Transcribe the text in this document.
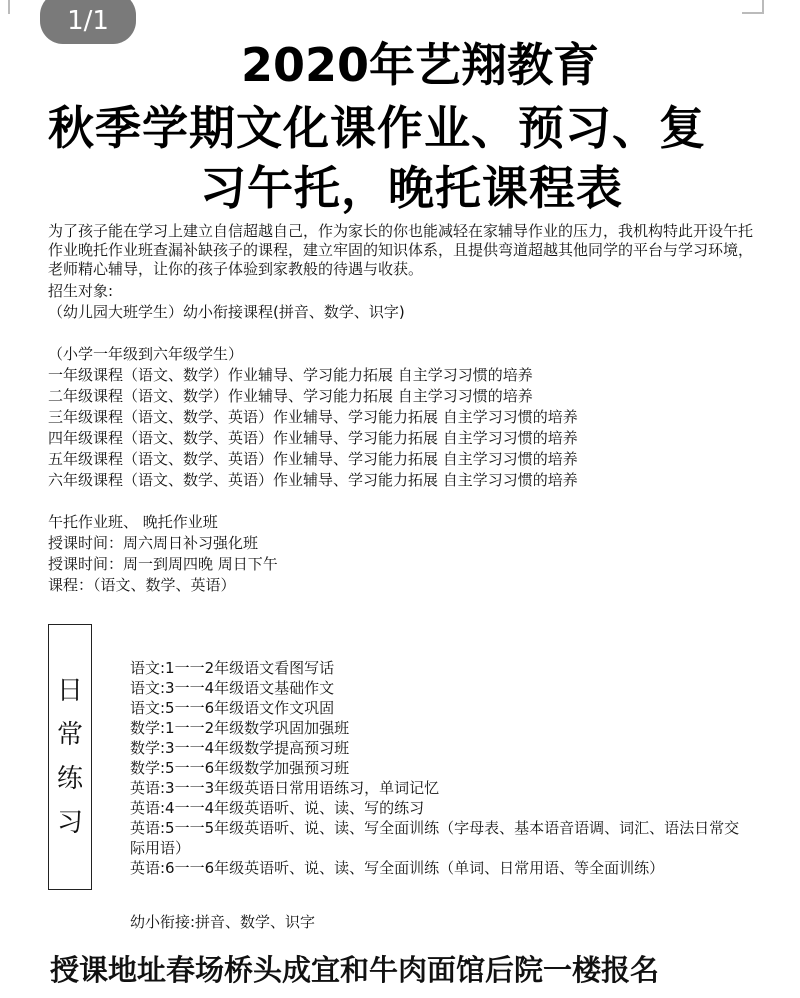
1/1
2020年艺翔教育
秋季学期文化课作业、预习、复
习午托，晚托课程表
为了孩子能在学习上建立自信超越自己，作为家长的你也能减轻在家辅导作业的压力，我机构特此开设午托作业晚托作业班查漏补缺孩子的课程，建立牢固的知识体系，且提供弯道超越其他同学的平台与学习环境，老师精心辅导，让你的孩子体验到家教般的待遇与收获。
招生对象:
（幼儿园大班学生）幼小衔接课程(拼音、数学、识字)
（小学一年级到六年级学生）
一年级课程（语文、数学）作业辅导、学习能力拓展 自主学习习惯的培养
二年级课程（语文、数学）作业辅导、学习能力拓展 自主学习习惯的培养
三年级课程（语文、数学、英语）作业辅导、学习能力拓展 自主学习习惯的培养
四年级课程（语文、数学、英语）作业辅导、学习能力拓展 自主学习习惯的培养
五年级课程（语文、数学、英语）作业辅导、学习能力拓展 自主学习习惯的培养
六年级课程（语文、数学、英语）作业辅导、学习能力拓展 自主学习习惯的培养
午托作业班、 晚托作业班
授课时间：周六周日补习强化班
授课时间：周一到周四晚 周日下午
课程：（语文、数学、英语）
日
常
练
习
语文:1一一2年级语文看图写话
语文:3一一4年级语文基础作文
语文:5一一6年级语文作文巩固
数学:1一一2年级数学巩固加强班
数学:3一一4年级数学提高预习班
数学:5一一6年级数学加强预习班
英语:3一一3年级英语日常用语练习，单词记忆
英语:4一一4年级英语听、说、读、写的练习
英语:5一一5年级英语听、说、读、写全面训练（字母表、基本语音语调、词汇、语法日常交际用语）
英语:6一一6年级英语听、说、读、写全面训练（单词、日常用语、等全面训练）
幼小衔接:拼音、数学、识字
授课地址春场桥头成宜和牛肉面馆后院一楼报名
